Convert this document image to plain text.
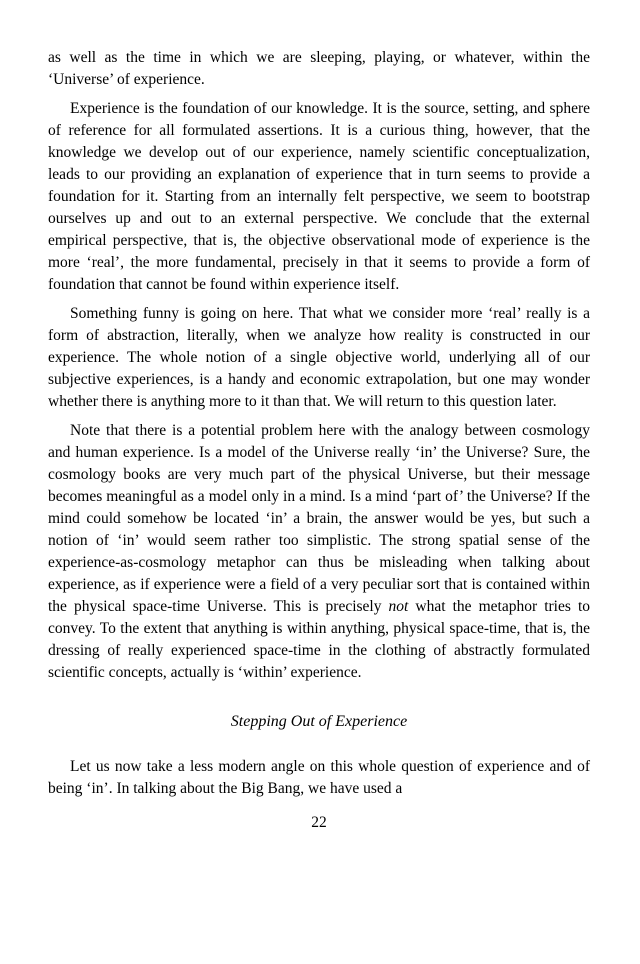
as well as the time in which we are sleeping, playing, or whatever, within the ‘Universe’ of experience.

Experience is the foundation of our knowledge. It is the source, setting, and sphere of reference for all formulated assertions. It is a curious thing, however, that the knowledge we develop out of our experience, namely scientific conceptualization, leads to our providing an explanation of experience that in turn seems to provide a foundation for it. Starting from an internally felt perspective, we seem to bootstrap ourselves up and out to an external perspective. We conclude that the external empirical perspective, that is, the objective observational mode of experience is the more ‘real’, the more fundamental, precisely in that it seems to provide a form of foundation that cannot be found within experience itself.

Something funny is going on here. That what we consider more ‘real’ really is a form of abstraction, literally, when we analyze how reality is constructed in our experience. The whole notion of a single objective world, underlying all of our subjective experiences, is a handy and economic extrapolation, but one may wonder whether there is anything more to it than that. We will return to this question later.

Note that there is a potential problem here with the analogy between cosmology and human experience. Is a model of the Universe really ‘in’ the Universe? Sure, the cosmology books are very much part of the physical Universe, but their message becomes meaningful as a model only in a mind. Is a mind ‘part of’ the Universe? If the mind could somehow be located ‘in’ a brain, the answer would be yes, but such a notion of ‘in’ would seem rather too simplistic. The strong spatial sense of the experience-as-cosmology metaphor can thus be misleading when talking about experience, as if experience were a field of a very peculiar sort that is contained within the physical space-time Universe. This is precisely not what the metaphor tries to convey. To the extent that anything is within anything, physical space-time, that is, the dressing of really experienced space-time in the clothing of abstractly formulated scientific concepts, actually is ‘within’ experience.

Stepping Out of Experience

Let us now take a less modern angle on this whole question of experience and of being ‘in’. In talking about the Big Bang, we have used a

22
